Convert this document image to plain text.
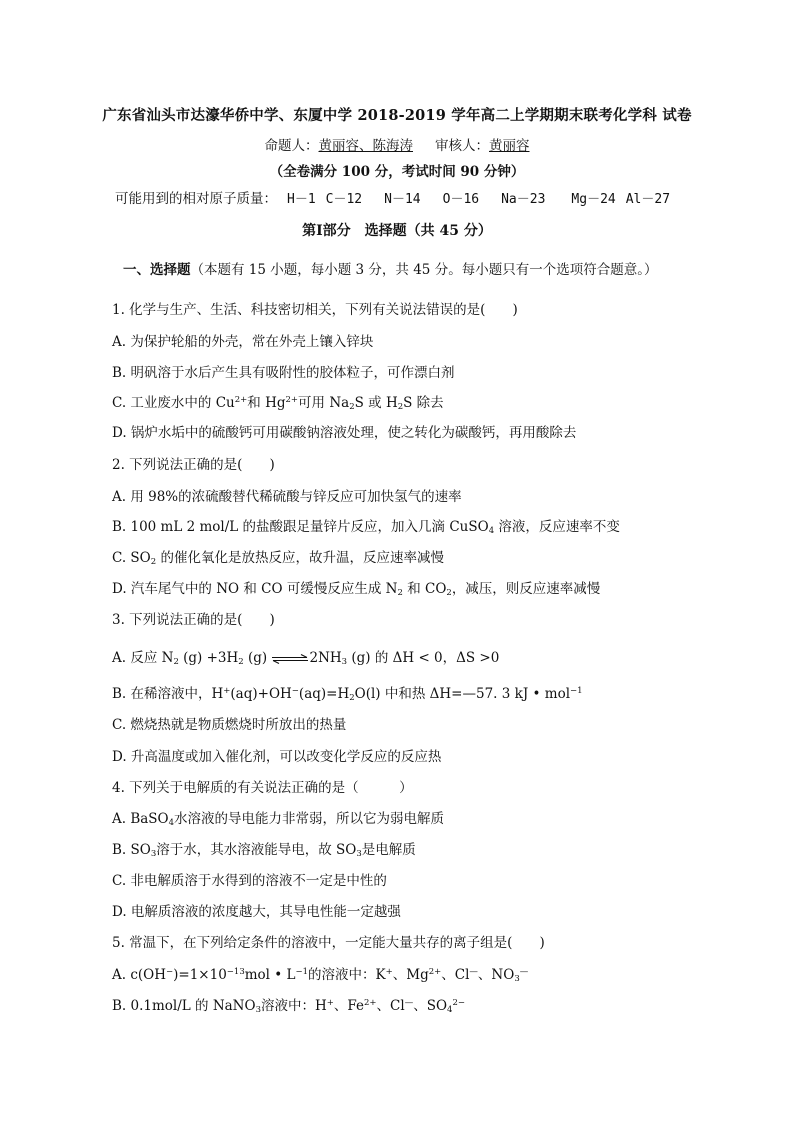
广东省汕头市达濠华侨中学、东厦中学 2018-2019 学年高二上学期期末联考化学科 试卷
命题人：黄丽容、陈海涛 审核人：黄丽容
（全卷满分 100 分，考试时间 90 分钟）
可能用到的相对原子质量： H－1 C－12 N－14 O－16 Na－23 Mg－24 Al－27
第Ⅰ部分　选择题（共 45 分）
一、选择题（本题有 15 小题，每小题 3 分，共 45 分。每小题只有一个选项符合题意。）
1. 化学与生产、生活、科技密切相关，下列有关说法错误的是(　　)
A. 为保护轮船的外壳，常在外壳上镶入锌块
B. 明矾溶于水后产生具有吸附性的胶体粒子，可作漂白剂
C. 工业废水中的 $Cu^{2+}$和 $Hg^{2+}$可用 $Na_2S$ 或 $H_2S$ 除去
D. 锅炉水垢中的硫酸钙可用碳酸钠溶液处理，使之转化为碳酸钙，再用酸除去
2. 下列说法正确的是(　　)
A. 用 98%的浓硫酸替代稀硫酸与锌反应可加快氢气的速率
B. 100 mL 2 mol/L 的盐酸跟足量锌片反应，加入几滴 CuSO$_4$ 溶液，反应速率不变
C. $SO_2$ 的催化氧化是放热反应，故升温，反应速率减慢
D. 汽车尾气中的 NO 和 CO 可缓慢反应生成 $N_2$ 和 $CO_2$，减压，则反应速率减慢
3. 下列说法正确的是(　　)
A. 反应 $N_2$ $(g) +3H_2$ (g) $\rightleftharpoons 2NH_3$ (g) 的 ΔH < 0，ΔS >0
B. 在稀溶液中，$H^+(aq)+OH^-(aq)=H_2O(l)$ 中和热 ΔH=—57. 3 kJ • mol$^{-1}$
C. 燃烧热就是物质燃烧时所放出的热量
D. 升高温度或加入催化剂，可以改变化学反应的反应热
4. 下列关于电解质的有关说法正确的是（　　　）
A. BaSO$_4$水溶液的导电能力非常弱，所以它为弱电解质
B. $SO_3$溶于水，其水溶液能导电，故 $SO_3$是电解质
C. 非电解质溶于水得到的溶液不一定是中性的
D. 电解质溶液的浓度越大，其导电性能一定越强
5. 常温下，在下列给定条件的溶液中，一定能大量共存的离子组是(　　)
A. $c(OH^-)=1\times 10^{-13}mol$ • $L^{-1}$的溶液中：K+、$Mg^{2+}$、Cl—、$NO_3^—$
B. 0.1mol/L 的 NaNO$_3$溶液中：H+、$Fe^{2+}$、Cl—、$SO_4^{2-}$
